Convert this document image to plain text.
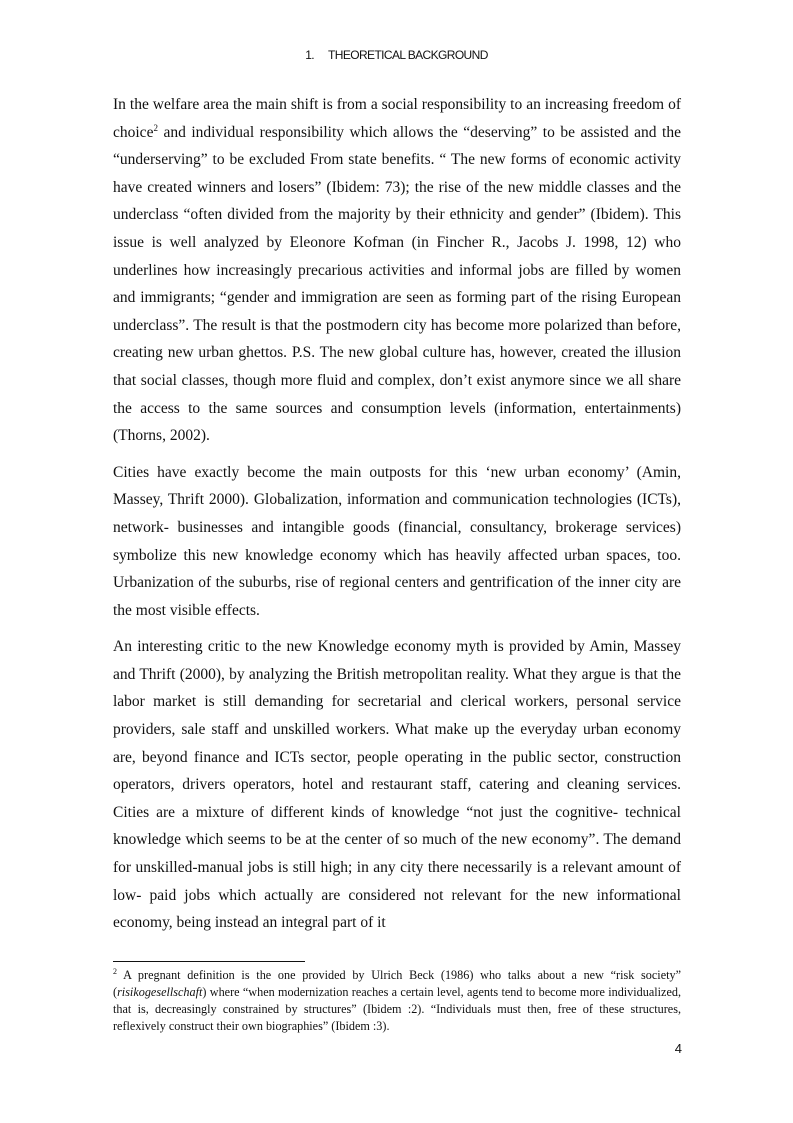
1. THEORETICAL BACKGROUND

In the welfare area the main shift is from a social responsibility to an increasing freedom of choice$^2$ and individual responsibility which allows the “deserving” to be assisted and the “underserving” to be excluded From state benefits. “ The new forms of economic activity have created winners and losers” (Ibidem: 73); the rise of the new middle classes and the underclass “often divided from the majority by their ethnicity and gender” (Ibidem). This issue is well analyzed by Eleonore Kofman (in Fincher R., Jacobs J. 1998, 12) who underlines how increasingly precarious activities and informal jobs are filled by women and immigrants; “gender and immigration are seen as forming part of the rising European underclass”. The result is that the postmodern city has become more polarized than before, creating new urban ghettos. P.S. The new global culture has, however, created the illusion that social classes, though more fluid and complex, don’t exist anymore since we all share the access to the same sources and consumption levels (information, entertainments) (Thorns, 2002).

Cities have exactly become the main outposts for this ‘new urban economy’ (Amin, Massey, Thrift 2000). Globalization, information and communication technologies (ICTs), network- businesses and intangible goods (financial, consultancy, brokerage services) symbolize this new knowledge economy which has heavily affected urban spaces, too. Urbanization of the suburbs, rise of regional centers and gentrification of the inner city are the most visible effects.

An interesting critic to the new Knowledge economy myth is provided by Amin, Massey and Thrift (2000), by analyzing the British metropolitan reality. What they argue is that the labor market is still demanding for secretarial and clerical workers, personal service providers, sale staff and unskilled workers. What make up the everyday urban economy are, beyond finance and ICTs sector, people operating in the public sector, construction operators, drivers operators, hotel and restaurant staff, catering and cleaning services. Cities are a mixture of different kinds of knowledge “not just the cognitive- technical knowledge which seems to be at the center of so much of the new economy”. The demand for unskilled-manual jobs is still high; in any city there necessarily is a relevant amount of low- paid jobs which actually are considered not relevant for the new informational economy, being instead an integral part of it

$^2$ A pregnant definition is the one provided by Ulrich Beck (1986) who talks about a new “risk society” (risikogesellschaft) where “when modernization reaches a certain level, agents tend to become more individualized, that is, decreasingly constrained by structures” (Ibidem :2). “Individuals must then, free of these structures, reflexively construct their own biographies” (Ibidem :3).
4
